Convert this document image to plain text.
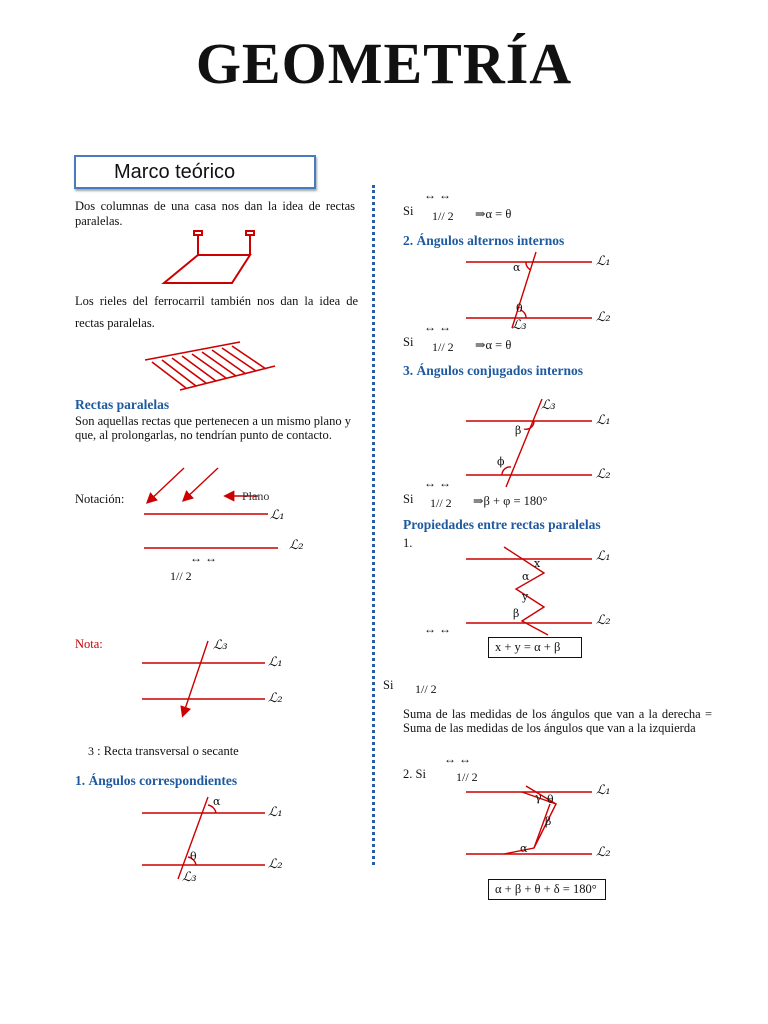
GEOMETRÍA
Marco teórico
Dos columnas de una casa nos dan la idea de rectas paralelas.
Los rieles del ferrocarril también nos dan la idea de rectas paralelas.
Rectas paralelas
Son aquellas rectas que pertenecen a un mismo plano y que, al prolongarlas, no tendrían punto de contacto.
Notación:	Plano
ℒ₁
ℒ₂
↔ ↔
1// 2
Nota:	ℒ₃
ℒ₁
ℒ₂
3 : Recta transversal o secante
1. Ángulos correspondientes
α
ℒ₁
θ
ℒ₂
ℒ₃
↔ ↔
Si 1// 2 ⇒α = θ
2. Ángulos alternos internos
α	ℒ₁
θ
ℒ₂
ℒ₃
↔ ↔
Si 1// 2 ⇒α = θ
3. Ángulos conjugados internos
ℒ₃
ℒ₁
β
ϕ
ℒ₂
↔ ↔
Si 1// 2 ⇒β + φ = 180°
Propiedades entre rectas paralelas
1.
x
α
ℒ₁
y
β	ℒ₂
↔ ↔
x + y = α + β
Si 1// 2
Suma de las medidas de los ángulos que van a la derecha = Suma de las medidas de los ángulos que van a la izquierda
↔ ↔
2. Si	1// 2
γ θ
ℒ₁
β
α	ℒ₂
α + β + θ + δ = 180°
